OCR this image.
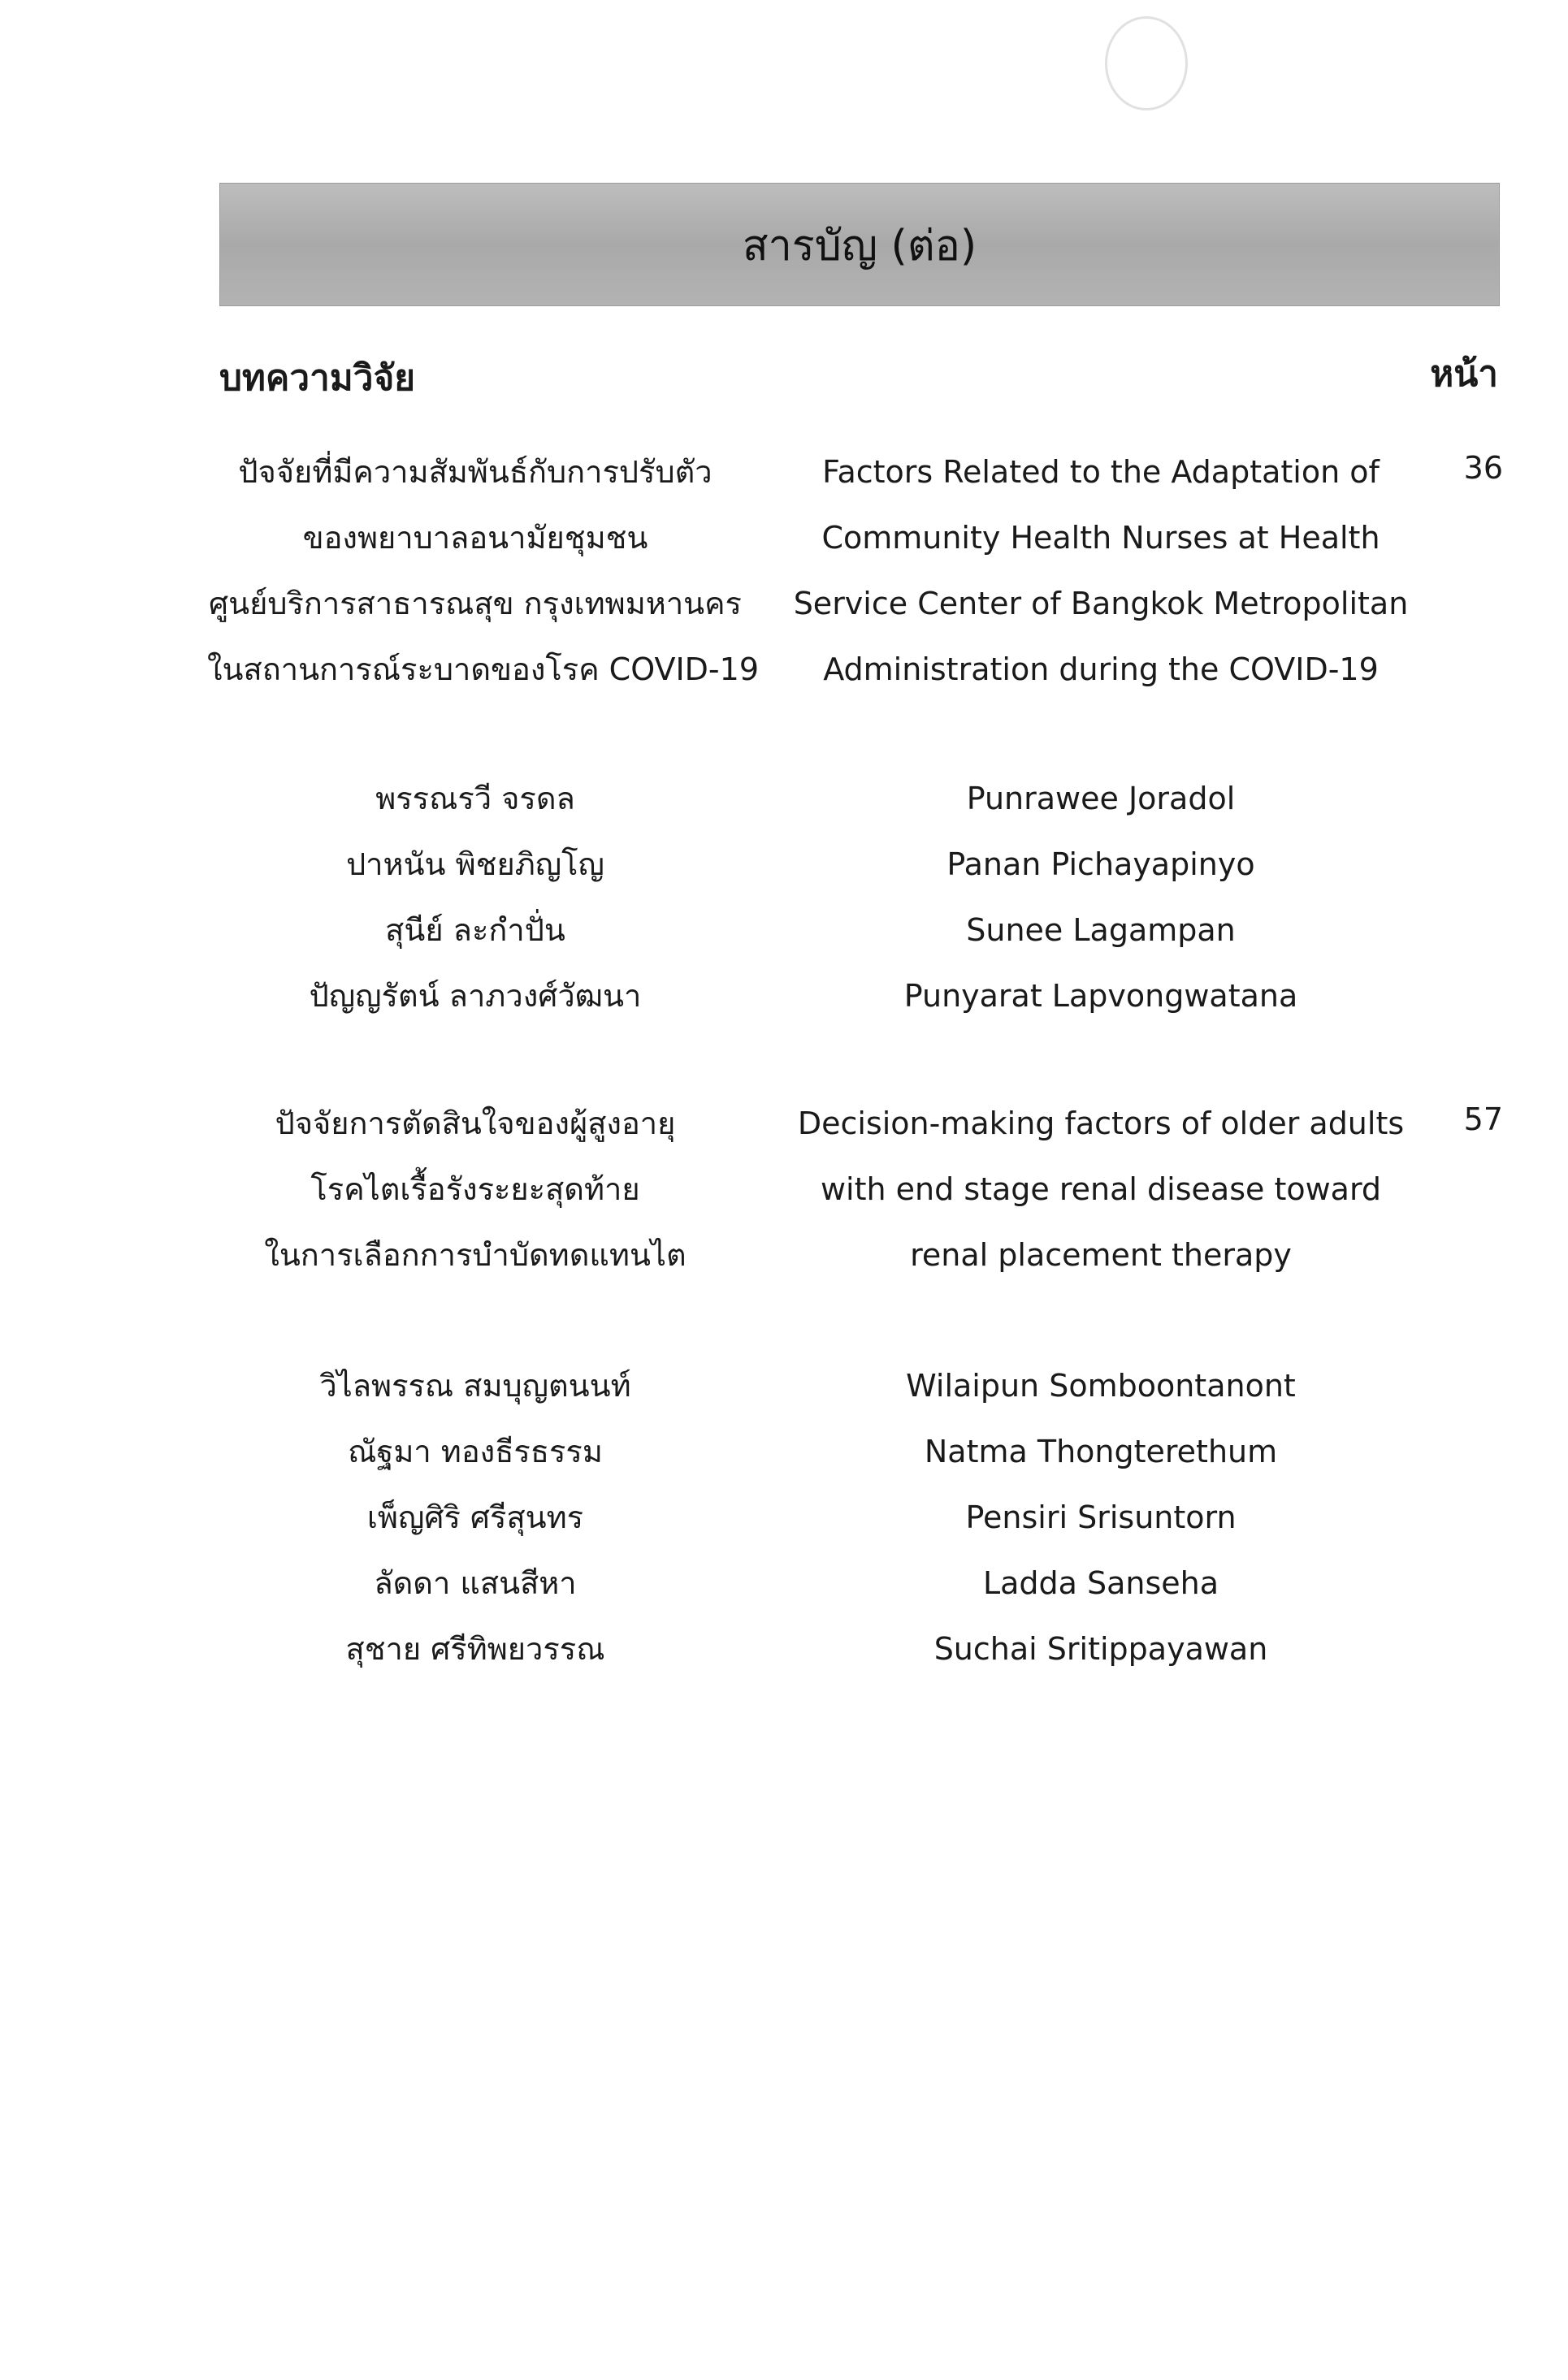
สารบัญ (ต่อ)
บทความวิจัย	หน้า
ปัจจัยที่มีความสัมพันธ์กับการปรับตัว
ของพยาบาลอนามัยชุมชน
ศูนย์บริการสาธารณสุข กรุงเทพมหานคร
ในสถานการณ์ระบาดของโรค COVID-19
Factors Related to the Adaptation of
Community Health Nurses at Health
Service Center of Bangkok Metropolitan
Administration during the COVID-19
36
พรรณรวี จรดล
ปาหนัน พิชยภิญโญ
สุนีย์ ละกำปั่น
ปัญญรัตน์ ลาภวงศ์วัฒนา
Punrawee Joradol
Panan Pichayapinyo
Sunee Lagampan
Punyarat Lapvongwatana
ปัจจัยการตัดสินใจของผู้สูงอายุ
โรคไตเรื้อรังระยะสุดท้าย
ในการเลือกการบำบัดทดแทนไต
Decision-making factors of older adults
with end stage renal disease toward
renal placement therapy
57
วิไลพรรณ สมบุญตนนท์
ณัฐมา ทองธีรธรรม
เพ็ญศิริ ศรีสุนทร
ลัดดา แสนสีหา
สุชาย ศรีทิพยวรรณ
Wilaipun Somboontanont
Natma Thongterethum
Pensiri Srisuntorn
Ladda Sanseha
Suchai Sritippayawan
